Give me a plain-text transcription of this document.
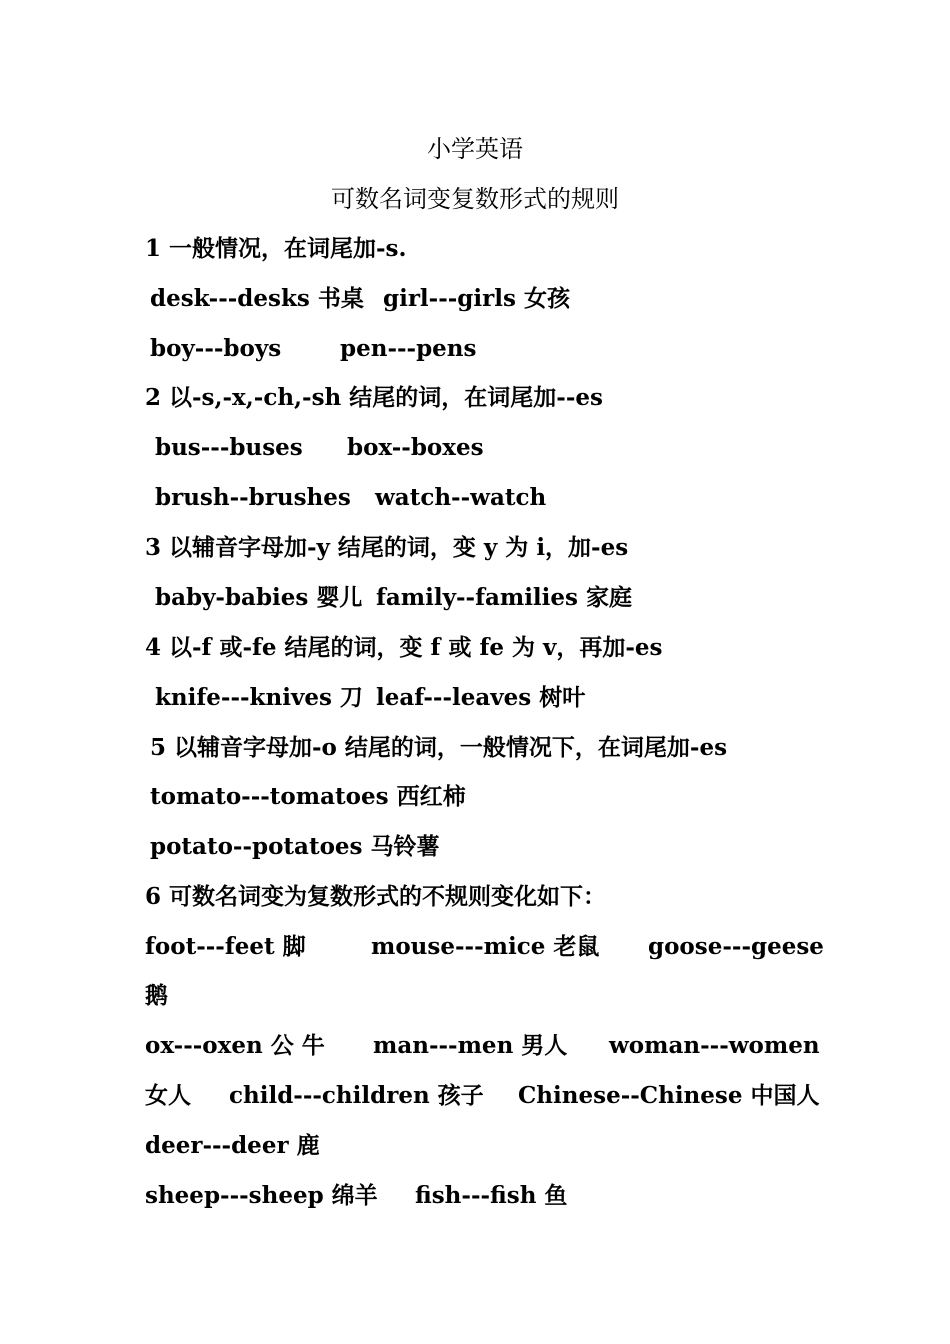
小学英语
可数名词变复数形式的规则
1 一般情况，在词尾加-s.
desk---desks 书桌 girl---girls 女孩
boy---boys	pen---pens
2 以-s,-x,-ch,-sh 结尾的词，在词尾加--es
bus---buses box--boxes
brush--brushes watch--watch
3 以辅音字母加-y 结尾的词，变 y 为 i，加-es
baby-babies 婴儿 family--families 家庭
4 以-f 或-fe 结尾的词，变 f 或 fe 为 v，再加-es
knife---knives 刀 leaf---leaves 树叶
5 以辅音字母加-o 结尾的词，一般情况下，在词尾加-es
tomato---tomatoes 西红柿
potato--potatoes 马铃薯
6 可数名词变为复数形式的不规则变化如下：
foot---feet 脚	mouse---mice 老鼠 goose---geese
鹅
ox---oxen 公 牛 man---men 男人 woman---women
女人 child---children 孩子 Chinese--Chinese 中国人
deer---deer 鹿
sheep---sheep 绵羊 fish---fish 鱼
